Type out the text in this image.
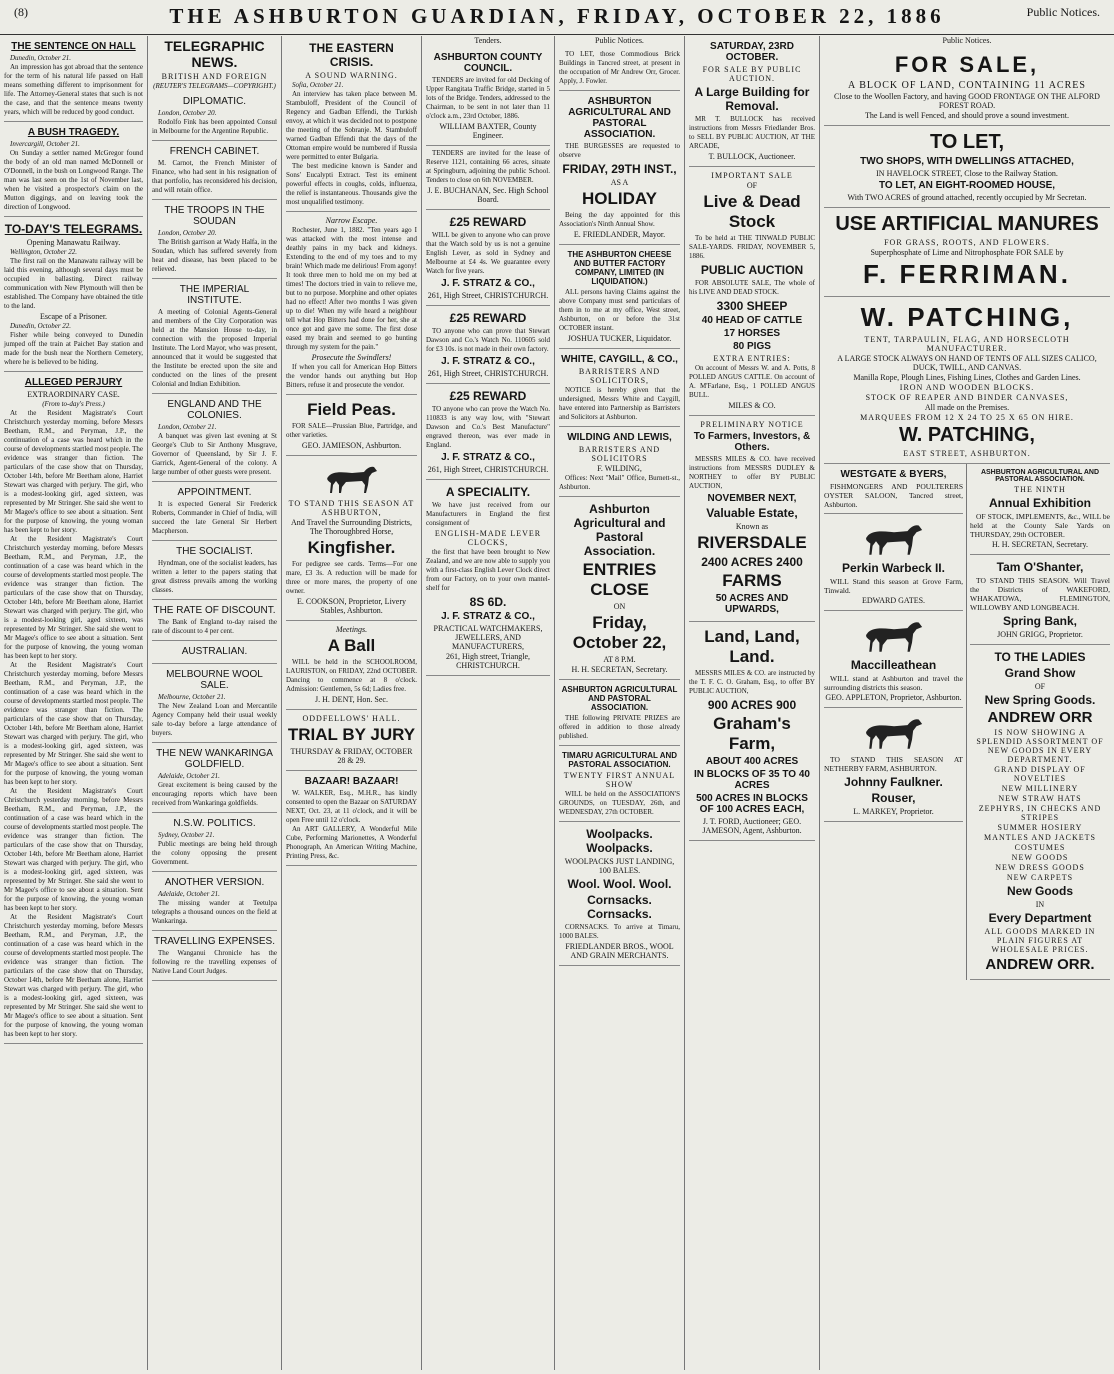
(8)	THE ASHBURTON GUARDIAN, FRIDAY, OCTOBER 22, 1886	Public Notices.
THE SENTENCE ON HALL
Dunedin, October 21.

An impression has got abroad that the sentence for the term of his natural life passed on Hall means something different to imprisonment for life. The Attorney-General states that such is not the case, and that the sentence means twenty years, which will be reduced by good conduct.

A BUSH TRAGEDY.
Invercargill, October 21.

On Sunday a settler named McGregor found the body of an old man named McDonnell or O'Donnell, in the bush on Longwood Range. The man was last seen on the 1st of November last, when he visited a prospector's claim on the Mutton diggings, and on leaving took the direction of Longwood.

TO-DAY'S TELEGRAMS.
Opening Manawatu Railway.
Wellington, October 22.

The first rail on the Manawatu railway will be laid this evening, although several days must be occupied in ballasting. Direct railway communication with New Plymouth will then be established. The Company have obtained the title to the land.

Escape of a Prisoner.
Dunedin, October 22.

Fisher while being conveyed to Dunedin jumped off the train at Paichet Bay station and made for the bush near the Northern Cemetery, where he is believed to be hiding.

ALLEGED PERJURY
EXTRAORDINARY CASE.
(From to-day's Press.)

At the Resident Magistrate's Court Christchurch yesterday morning, before Messrs Beetham, R.M., and Peryman, J.P., the continuation of a case was heard which in the course of developments startled most people. The evidence was stranger than fiction. The particulars of the case show that on Thursday, October 14th, before Mr Beetham alone, Harriet Stewart was charged with perjury. The girl, who is a modest-looking girl, aged sixteen, was represented by Mr Stringer. She said she went to Mr Magee's office to see about a situation. Sent for the purpose of knowing, the young woman has been kept to her story.

At the Resident Magistrate's Court Christchurch yesterday morning, before Messrs Beetham, R.M., and Peryman, J.P., the continuation of a case was heard which in the course of developments startled most people. The evidence was stranger than fiction. The particulars of the case show that on Thursday, October 14th, before Mr Beetham alone, Harriet Stewart was charged with perjury. The girl, who is a modest-looking girl, aged sixteen, was represented by Mr Stringer. She said she went to Mr Magee's office to see about a situation. Sent for the purpose of knowing, the young woman has been kept to her story.

At the Resident Magistrate's Court Christchurch yesterday morning, before Messrs Beetham, R.M., and Peryman, J.P., the continuation of a case was heard which in the course of developments startled most people. The evidence was stranger than fiction. The particulars of the case show that on Thursday, October 14th, before Mr Beetham alone, Harriet Stewart was charged with perjury. The girl, who is a modest-looking girl, aged sixteen, was represented by Mr Stringer. She said she went to Mr Magee's office to see about a situation. Sent for the purpose of knowing, the young woman has been kept to her story.

At the Resident Magistrate's Court Christchurch yesterday morning, before Messrs Beetham, R.M., and Peryman, J.P., the continuation of a case was heard which in the course of developments startled most people. The evidence was stranger than fiction. The particulars of the case show that on Thursday, October 14th, before Mr Beetham alone, Harriet Stewart was charged with perjury. The girl, who is a modest-looking girl, aged sixteen, was represented by Mr Stringer. She said she went to Mr Magee's office to see about a situation. Sent for the purpose of knowing, the young woman has been kept to her story.

At the Resident Magistrate's Court Christchurch yesterday morning, before Messrs Beetham, R.M., and Peryman, J.P., the continuation of a case was heard which in the course of developments startled most people. The evidence was stranger than fiction. The particulars of the case show that on Thursday, October 14th, before Mr Beetham alone, Harriet Stewart was charged with perjury. The girl, who is a modest-looking girl, aged sixteen, was represented by Mr Stringer. She said she went to Mr Magee's office to see about a situation. Sent for the purpose of knowing, the young woman has been kept to her story.

TELEGRAPHIC NEWS.
BRITISH AND FOREIGN
(REUTER'S TELEGRAMS—COPYRIGHT.)
DIPLOMATIC.
London, October 20.

Rodolfo Fink has been appointed Consul in Melbourne for the Argentine Republic.

FRENCH CABINET.

M. Carnot, the French Minister of Finance, who had sent in his resignation of that portfolio, has reconsidered his decision, and will retain office.

THE TROOPS IN THE SOUDAN
London, October 20.

The British garrison at Wady Halfa, in the Soudan, which has suffered severely from heat and disease, has been placed to be relieved.

THE IMPERIAL INSTITUTE.

A meeting of Colonial Agents-General and members of the City Corporation was held at the Mansion House to-day, in connection with the proposed Imperial Institute. The Lord Mayor, who was present, announced that it would be suggested that the Institute be erected upon the site and conducted on the lines of the present Colonial and Indian Exhibition.

ENGLAND AND THE COLONIES.
London, October 21.

A banquet was given last evening at St George's Club to Sir Anthony Musgrave, Governor of Queensland, by Sir J. F. Garrick, Agent-General of the colony. A large number of other guests were present.

APPOINTMENT.

It is expected General Sir Frederick Roberts, Commander in Chief of India, will succeed the late General Sir Herbert Macpherson.

THE SOCIALIST.

Hyndman, one of the socialist leaders, has written a letter to the papers stating that great distress prevails among the working classes.

THE RATE OF DISCOUNT.

The Bank of England to-day raised the rate of discount to 4 per cent.

AUSTRALIAN.
MELBOURNE WOOL SALE.
Melbourne, October 21.

The New Zealand Loan and Mercantile Agency Company held their usual weekly sale to-day before a large attendance of buyers.

THE NEW WANKARINGA GOLDFIELD.
Adelaide, October 21.

Great excitement is being caused by the encouraging reports which have been received from Wankaringa goldfields.

N.S.W. POLITICS.
Sydney, October 21.

Public meetings are being held through the colony opposing the present Government.

ANOTHER VERSION.
Adelaide, October 21.

The missing wander at Teetulpa telegraphs a thousand ounces on the field at Wankaringa.

TRAVELLING EXPENSES.

The Wanganui Chronicle has the following re the travelling expenses of Native Land Court Judges.

THE EASTERN CRISIS.
A SOUND WARNING.
Sofia, October 21.

An interview has taken place between M. Stambuloff, President of the Council of Regency and Gadban Effendi, the Turkish envoy, at which it was decided not to postpone the meeting of the Sobranje. M. Stambuloff warned Gadban Effendi that the days of the Ottoman empire would be numbered if Russia were permitted to enter Bulgaria.

The best medicine known is Sander and Sons' Eucalypti Extract. Test its eminent powerful effects in coughs, colds, influenza, the relief is instantaneous. Thousands give the most unqualified testimony.

Narrow Escape.

Rochester, June 1, 1882. "Ten years ago I was attacked with the most intense and deathly pains in my back and kidneys. Extending to the end of my toes and to my brain! Which made me delirious! From agony! It took three men to hold me on my bed at times! The doctors tried in vain to relieve me, but to no purpose. Morphine and other opiates had no effect! After two months I was given up to die! When my wife heard a neighbour tell what Hop Bitters had done for her, she at once got and gave me some. The first dose eased my brain and seemed to go hunting through my system for the pain."

Prosecute the Swindlers!

If when you call for American Hop Bitters the vendor hands out anything but Hop Bitters, refuse it and prosecute the vendor.

Field Peas.

FOR SALE—Prussian Blue, Partridge, and other varieties.

GEO. JAMIESON, Ashburton.
TO STAND THIS SEASON AT ASHBURTON,
And Travel the Surrounding Districts, The Thoroughbred Horse,
Kingfisher.

For pedigree see cards. Terms—For one mare, £3 3s. A reduction will be made for three or more mares, the property of one owner.

E. COOKSON, Proprietor, Livery Stables, Ashburton.
Meetings.
A Ball

WILL be held in the SCHOOLROOM, LAURISTON, on FRIDAY, 22nd OCTOBER. Dancing to commence at 8 o'clock. Admission: Gentlemen, 5s 6d; Ladies free.

J. H. DENT, Hon. Sec.
ODDFELLOWS' HALL.
TRIAL BY JURY
THURSDAY & FRIDAY, OCTOBER 28 & 29.
BAZAAR! BAZAAR!

W. WALKER, Esq., M.H.R., has kindly consented to open the Bazaar on SATURDAY NEXT, Oct. 23, at 11 o'clock, and it will be open Free until 12 o'clock.

An ART GALLERY, A Wonderful Mile Cube, Performing Marionettes, A Wonderful Phonograph, An American Writing Machine, Printing Press, &c.

Tenders.
ASHBURTON COUNTY COUNCIL.

TENDERS are invited for old Decking of Upper Rangitata Traffic Bridge, started in 5 lots of the Bridge. Tenders, addressed to the Chairman, to be sent in not later than 11 o'clock a.m., 23rd October, 1886.

WILLIAM BAXTER, County Engineer.

TENDERS are invited for the lease of Reserve 1121, containing 66 acres, situate at Springburn, adjoining the public School. Tenders to close on 6th NOVEMBER.

J. E. BUCHANAN, Sec. High School Board.
£25 REWARD

WILL be given to anyone who can prove that the Watch sold by us is not a genuine English Lever, as sold in Sydney and Melbourne at £4 4s. We guarantee every Watch for five years.

J. F. STRATZ & CO.,
261, High Street, CHRISTCHURCH.
£25 REWARD

TO anyone who can prove that Stewart Dawson and Co.'s Watch No. 110605 sold for £3 10s. is not made in their own factory.

J. F. STRATZ & CO.,
261, High Street, CHRISTCHURCH.
£25 REWARD

TO anyone who can prove the Watch No. 110833 is any way low, with "Stewart Dawson and Co.'s Best Manufacture" engraved thereon, was ever made in England.

J. F. STRATZ & CO.,
261, High Street, CHRISTCHURCH.
A SPECIALITY.

We have just received from our Manufacturers in England the first consignment of

ENGLISH-MADE LEVER CLOCKS,

the first that have been brought to New Zealand, and we are now able to supply you with a first-class English Lever Clock direct from our Factory, on to your own mantel-shelf for

8S 6D.
J. F. STRATZ & CO.,
PRACTICAL WATCHMAKERS, JEWELLERS, AND MANUFACTURERS,
261, High street, Triangle, CHRISTCHURCH.
Public Notices.

TO LET, those Commodious Brick Buildings in Tancred street, at present in the occupation of Mr Andrew Orr, Grocer. Apply, J. Fowler.

ASHBURTON AGRICULTURAL AND PASTORAL ASSOCIATION.

THE BURGESSES are requested to observe

FRIDAY, 29TH INST.,
AS A
HOLIDAY

Being the day appointed for this Association's Ninth Annual Show.

E. FRIEDLANDER, Mayor.
THE ASHBURTON CHEESE AND BUTTER FACTORY COMPANY, LIMITED (IN LIQUIDATION.)

ALL persons having Claims against the above Company must send particulars of them in to me at my office, West street, Ashburton, on or before the 31st OCTOBER instant.

JOSHUA TUCKER, Liquidator.
WHITE, CAYGILL, & CO.,
BARRISTERS AND SOLICITORS,

NOTICE is hereby given that the undersigned, Messrs White and Caygill, have entered into Partnership as Barristers and Solicitors at Ashburton.

WILDING AND LEWIS,
BARRISTERS AND SOLICITORS
F. WILDING,

Offices: Next "Mail" Office, Burnett-st., Ashburton.

Ashburton Agricultural and Pastoral Association.
ENTRIES CLOSE
ON
Friday, October 22,
AT 8 P.M.
H. H. SECRETAN, Secretary.
ASHBURTON AGRICULTURAL AND PASTORAL ASSOCIATION.

THE following PRIVATE PRIZES are offered in addition to those already published.

TIMARU AGRICULTURAL AND PASTORAL ASSOCIATION.
TWENTY FIRST ANNUAL SHOW

WILL be held on the ASSOCIATION'S GROUNDS, on TUESDAY, 26th, and WEDNESDAY, 27th OCTOBER.

Woolpacks. Woolpacks.
WOOLPACKS JUST LANDING, 100 BALES.
Wool. Wool. Wool.
Cornsacks. Cornsacks.

CORNSACKS. To arrive at Timaru, 1000 BALES.

FRIEDLANDER BROS., WOOL AND GRAIN MERCHANTS.
SATURDAY, 23RD OCTOBER.
FOR SALE BY PUBLIC AUCTION.
A Large Building for Removal.

MR T. BULLOCK has received instructions from Messrs Friedlander Bros. to SELL BY PUBLIC AUCTION, AT THE ARCADE,

T. BULLOCK, Auctioneer.
IMPORTANT SALE
OF
Live & Dead Stock

To be held at THE TINWALD PUBLIC SALE-YARDS. FRIDAY, NOVEMBER 5, 1886.

PUBLIC AUCTION

FOR ABSOLUTE SALE, The whole of his LIVE AND DEAD STOCK.

3300 SHEEP
40 HEAD OF CATTLE
17 HORSES
80 PIGS
EXTRA ENTRIES:

On account of Messrs W. and A. Potts, 8 POLLED ANGUS CATTLE. On account of A. M'Farlane, Esq., 1 POLLED ANGUS BULL.

MILES & CO.
PRELIMINARY NOTICE
To Farmers, Investors, & Others.

MESSRS MILES & CO. have received instructions from MESSRS DUDLEY & NORTHEY to offer BY PUBLIC AUCTION,

NOVEMBER NEXT,
Valuable Estate,
Known as
RIVERSDALE
2400 ACRES 2400
FARMS
50 ACRES AND UPWARDS,
Land, Land, Land.

MESSRS MILES & CO. are instructed by the T. F. C. O. Graham, Esq., to offer BY PUBLIC AUCTION,

900 ACRES 900
Graham's Farm,
ABOUT 400 ACRES
IN BLOCKS OF 35 TO 40 ACRES
500 ACRES IN BLOCKS OF 100 ACRES EACH,
J. T. FORD, Auctioneer; GEO. JAMESON, Agent, Ashburton.
Public Notices.
FOR SALE,
A BLOCK OF LAND, CONTAINING 11 ACRES
Close to the Woollen Factory, and having GOOD FRONTAGE ON THE ALFORD FOREST ROAD.
The Land is well Fenced, and should prove a sound investment.
TO LET,
TWO SHOPS, WITH DWELLINGS ATTACHED,
IN HAVELOCK STREET, Close to the Railway Station.
TO LET, AN EIGHT-ROOMED HOUSE,
With TWO ACRES of ground attached, recently occupied by Mr Secretan.
USE ARTIFICIAL MANURES
FOR GRASS, ROOTS, AND FLOWERS.
Superphosphate of Lime and Nitrophosphate FOR SALE by
F. FERRIMAN.
W. PATCHING,
TENT, TARPAULIN, FLAG, AND HORSECLOTH MANUFACTURER.
A LARGE STOCK ALWAYS ON HAND OF TENTS OF ALL SIZES CALICO, DUCK, TWILL, AND CANVAS.
Manilla Rope, Plough Lines, Fishing Lines, Clothes and Garden Lines.
IRON AND WOODEN BLOCKS.
STOCK OF REAPER AND BINDER CANVASES,
All made on the Premises.
MARQUEES FROM 12 X 24 TO 25 X 65 ON HIRE.
W. PATCHING,
EAST STREET, ASHBURTON.
WESTGATE & BYERS,

FISHMONGERS AND POULTERERS OYSTER SALOON, Tancred street, Ashburton.

Perkin Warbeck II.

WILL Stand this season at Grove Farm, Tinwald.

EDWARD GATES.
Maccilleathean

WILL stand at Ashburton and travel the surrounding districts this season.

GEO. APPLETON, Proprietor, Ashburton.

TO STAND THIS SEASON AT NETHERBY FARM, ASHBURTON.

Johnny Faulkner.
Rouser,
L. MARKEY, Proprietor.
ASHBURTON AGRICULTURAL AND PASTORAL ASSOCIATION.
THE NINTH
Annual Exhibition

OF STOCK, IMPLEMENTS, &c., WILL be held at the County Sale Yards on THURSDAY, 29th OCTOBER.

H. H. SECRETAN, Secretary.
Tam O'Shanter,

TO STAND THIS SEASON. Will Travel the Districts of WAKEFORD, WHAKATOWA, FLEMINGTON, WILLOWBY AND LONGBEACH.

Spring Bank,
JOHN GRIGG, Proprietor.
TO THE LADIES
Grand Show
OF
New Spring Goods.
ANDREW ORR
IS NOW SHOWING A SPLENDID ASSORTMENT OF NEW GOODS IN EVERY DEPARTMENT.
GRAND DISPLAY OF NOVELTIES
NEW MILLINERY
NEW STRAW HATS
ZEPHYRS, IN CHECKS AND STRIPES
SUMMER HOSIERY
MANTLES AND JACKETS
COSTUMES
NEW GOODS
NEW DRESS GOODS
NEW CARPETS
New Goods
IN
Every Department
ALL GOODS MARKED IN PLAIN FIGURES AT WHOLESALE PRICES.
ANDREW ORR.
